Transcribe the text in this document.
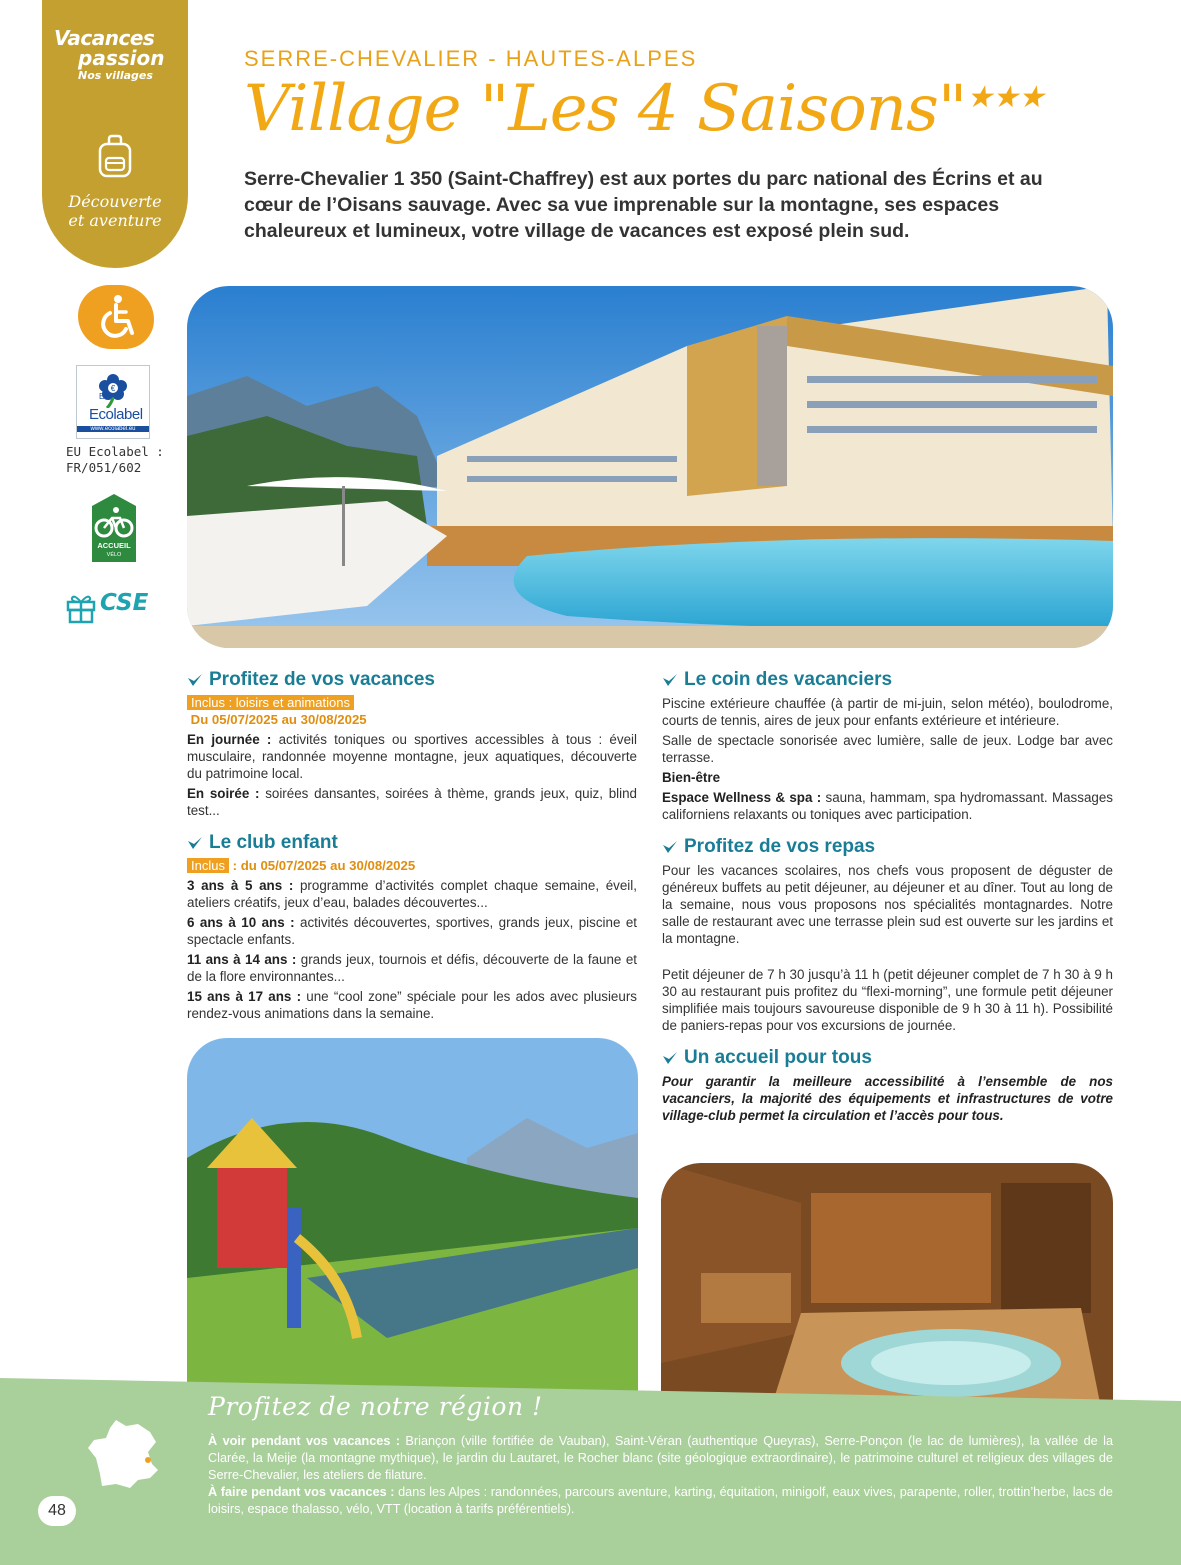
Vacances
passion
Nos villages
Découverte
et aventure
€
EU
Ecolabel
www.ecolabel.eu
EU Ecolabel :
FR/051/602
ACCUEIL
VÉLO
CSE
SERRE-CHEVALIER - HAUTES-ALPES
Village "Les 4 Saisons"★★★
Serre-Chevalier 1 350 (Saint-Chaffrey) est aux portes du parc national des Écrins et au cœur de l’Oisans sauvage. Avec sa vue imprenable sur la montagne, ses espaces chaleureux et lumineux, votre village de vacances est exposé plein sud.
Profitez de vos vacances
Inclus : loisirs et animations
Du 05/07/2025 au 30/08/2025
En journée : activités toniques ou sportives accessibles à tous : éveil musculaire, randonnée moyenne montagne, jeux aquatiques, découverte du patrimoine local.
En soirée : soirées dansantes, soirées à thème, grands jeux, quiz, blind test...
Le club enfant
Inclus : du 05/07/2025 au 30/08/2025
3 ans à 5 ans : programme d’activités complet chaque semaine, éveil, ateliers créatifs, jeux d’eau, balades découvertes...
6 ans à 10 ans : activités découvertes, sportives, grands jeux, piscine et spectacle enfants.
11 ans à 14 ans : grands jeux, tournois et défis, découverte de la faune et de la flore environnantes...
15 ans à 17 ans : une “cool zone” spéciale pour les ados avec plusieurs rendez-vous animations dans la semaine.
Le coin des vacanciers
Piscine extérieure chauffée (à partir de mi-juin, selon météo), boulodrome, courts de tennis, aires de jeux pour enfants extérieure et intérieure.
Salle de spectacle sonorisée avec lumière, salle de jeux. Lodge bar avec terrasse.
Bien-être
Espace Wellness & spa : sauna, hammam, spa hydromassant. Massages californiens relaxants ou toniques avec participation.
Profitez de vos repas
Pour les vacances scolaires, nos chefs vous proposent de déguster de généreux buffets au petit déjeuner, au déjeuner et au dîner. Tout au long de la semaine, nous vous proposons nos spécialités montagnardes. Notre salle de restaurant avec une terrasse plein sud est ouverte sur les jardins et la montagne.
Petit déjeuner de 7 h 30 jusqu’à 11 h (petit déjeuner complet de 7 h 30 à 9 h 30 au restaurant puis profitez du “flexi-morning”, une formule petit déjeuner simplifiée mais toujours savoureuse disponible de 9 h 30 à 11 h). Possibilité de paniers-repas pour vos excursions de journée.
Un accueil pour tous
Pour garantir la meilleure accessibilité à l’ensemble de nos vacanciers, la majorité des équipements et infrastructures de votre village-club permet la circulation et l’accès pour tous.
Profitez de notre région !
À voir pendant vos vacances : Briançon (ville fortifiée de Vauban), Saint-Véran (authentique Queyras), Serre-Ponçon (le lac de lumières), la vallée de la Clarée, la Meije (la montagne mythique), le jardin du Lautaret, le Rocher blanc (site géologique extraordinaire), le patrimoine culturel et religieux des villages de Serre-Chevalier, les ateliers de filature.
À faire pendant vos vacances : dans les Alpes : randonnées, parcours aventure, karting, équitation, minigolf, eaux vives, parapente, roller, trottin’herbe, lacs de loisirs, espace thalasso, vélo, VTT (location à tarifs préférentiels).
48
